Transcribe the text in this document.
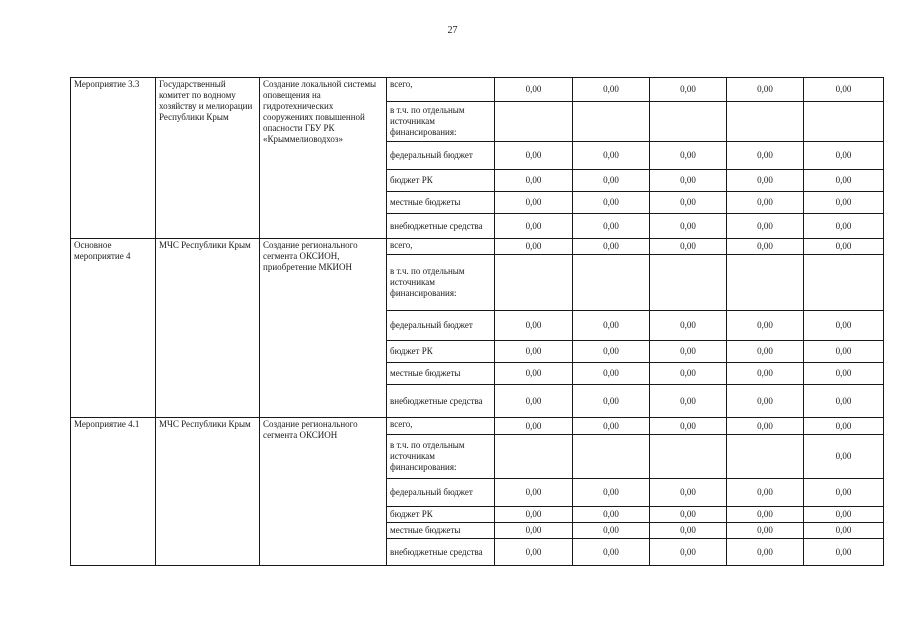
27
Мероприятие 3.3	Государственный комитет по водному хозяйству и мелиорации Республики Крым	Создание локальной системы оповещения на гидротехнических сооружениях повышенной опасности ГБУ РК «Крыммелиоводхоз»	всего,	0,00	0,00	0,00	0,00	0,00
			в т.ч. по отдельным источникам финансирования:					
			федеральный бюджет	0,00	0,00	0,00	0,00	0,00
			бюджет РК	0,00	0,00	0,00	0,00	0,00
			местные бюджеты	0,00	0,00	0,00	0,00	0,00
			внебюджетные средства	0,00	0,00	0,00	0,00	0,00
Основное мероприятие 4	МЧС Республики Крым	Создание регионального сегмента ОКСИОН, приобретение МКИОН	всего,	0,00	0,00	0,00	0,00	0,00
			в т.ч. по отдельным источникам финансирования:					
			федеральный бюджет	0,00	0,00	0,00	0,00	0,00
			бюджет РК	0,00	0,00	0,00	0,00	0,00
			местные бюджеты	0,00	0,00	0,00	0,00	0,00
			внебюджетные средства	0,00	0,00	0,00	0,00	0,00
Мероприятие 4.1	МЧС Республики Крым	Создание регионального сегмента ОКСИОН	всего,	0,00	0,00	0,00	0,00	0,00
			в т.ч. по отдельным источникам финансирования:					0,00
			федеральный бюджет	0,00	0,00	0,00	0,00	0,00
			бюджет РК	0,00	0,00	0,00	0,00	0,00
			местные бюджеты	0,00	0,00	0,00	0,00	0,00
			внебюджетные средства	0,00	0,00	0,00	0,00	0,00
